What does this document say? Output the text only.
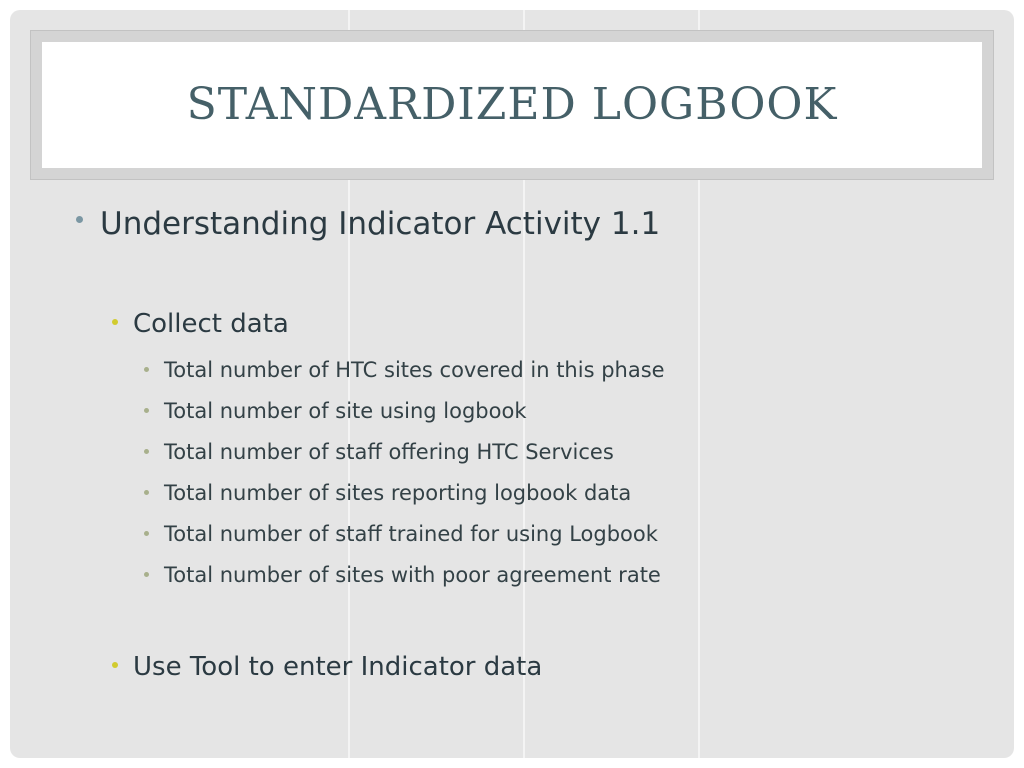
STANDARDIZED LOGBOOK
Understanding Indicator Activity 1.1
Collect data
Total number of HTC sites covered in this phase
Total number of site using logbook
Total number of staff offering HTC Services
Total number of sites reporting logbook data
Total number of staff trained for using Logbook
Total number of sites with poor agreement rate
Use Tool to enter Indicator data
